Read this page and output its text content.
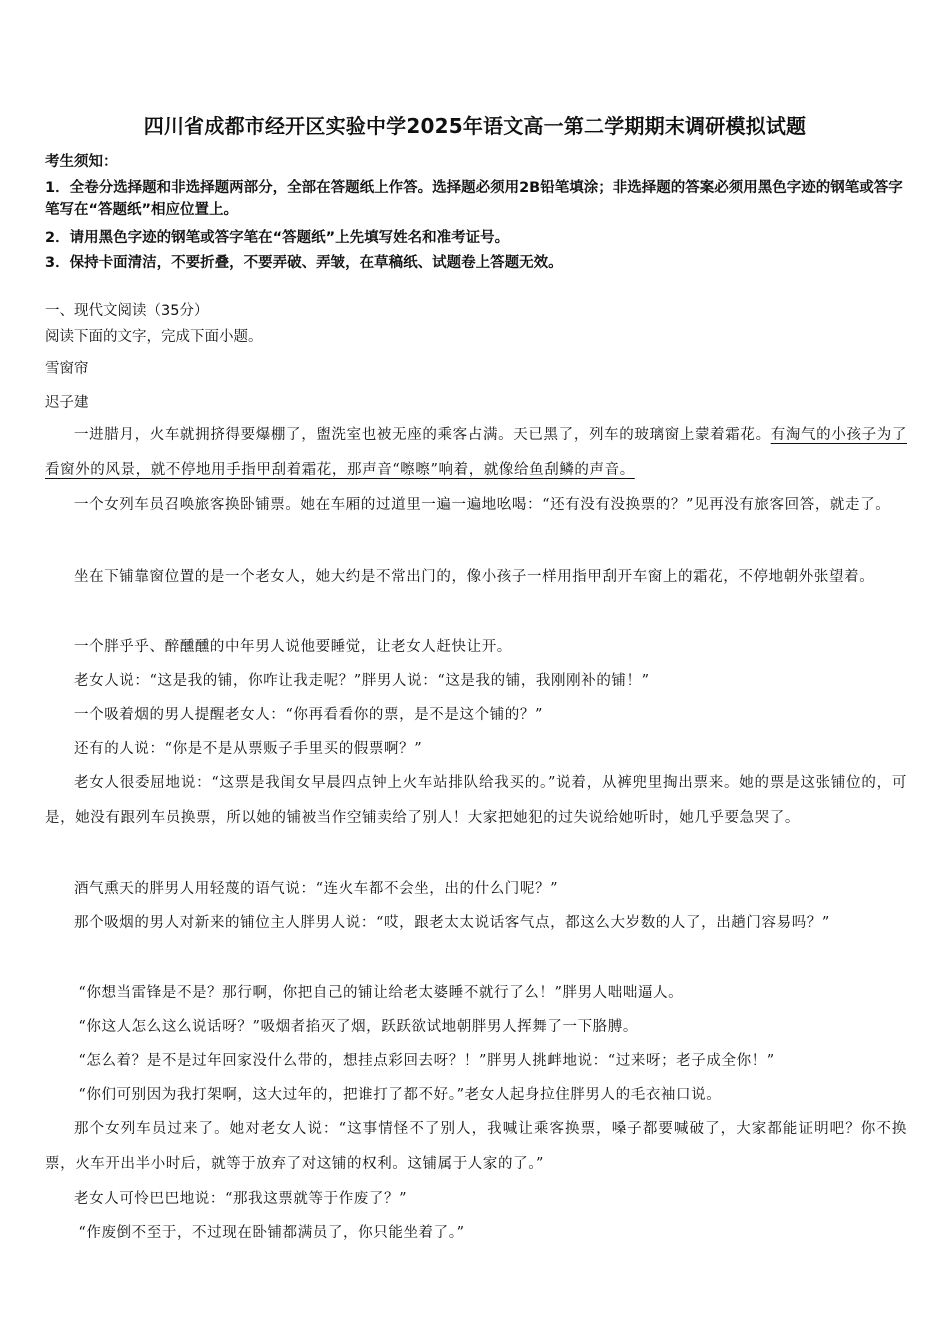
四川省成都市经开区实验中学2025年语文高一第二学期期末调研模拟试题
考生须知：
1．全卷分选择题和非选择题两部分，全部在答题纸上作答。选择题必须用2B铅笔填涂；非选择题的答案必须用黑色字迹的钢笔或答字笔写在“答题纸”相应位置上。
2．请用黑色字迹的钢笔或答字笔在“答题纸”上先填写姓名和准考证号。
3．保持卡面清洁，不要折叠，不要弄破、弄皱，在草稿纸、试题卷上答题无效。
一、现代文阅读（35分）
阅读下面的文字，完成下面小题。
雪窗帘
迟子建
一进腊月，火车就拥挤得要爆棚了，盥洗室也被无座的乘客占满。天已黑了，列车的玻璃窗上蒙着霜花。有淘气的小孩子为了看窗外的风景，就不停地用手指甲刮着霜花，那声音“嚓嚓”响着，就像给鱼刮鳞的声音。
一个女列车员召唤旅客换卧铺票。她在车厢的过道里一遍一遍地吆喝：“还有没有没换票的？”见再没有旅客回答，就走了。
坐在下铺靠窗位置的是一个老女人，她大约是不常出门的，像小孩子一样用指甲刮开车窗上的霜花，不停地朝外张望着。
一个胖乎乎、醉醺醺的中年男人说他要睡觉，让老女人赶快让开。
老女人说：“这是我的铺，你咋让我走呢？”胖男人说：“这是我的铺，我刚刚补的铺！”
一个吸着烟的男人提醒老女人：“你再看看你的票，是不是这个铺的？”
还有的人说：“你是不是从票贩子手里买的假票啊？”
老女人很委屈地说：“这票是我闺女早晨四点钟上火车站排队给我买的。”说着，从裤兜里掏出票来。她的票是这张铺位的，可是，她没有跟列车员换票，所以她的铺被当作空铺卖给了别人！大家把她犯的过失说给她听时，她几乎要急哭了。
酒气熏天的胖男人用轻蔑的语气说：“连火车都不会坐，出的什么门呢？”
那个吸烟的男人对新来的铺位主人胖男人说：“哎，跟老太太说话客气点，都这么大岁数的人了，出趟门容易吗？”
“你想当雷锋是不是？那行啊，你把自己的铺让给老太婆睡不就行了么！”胖男人咄咄逼人。
“你这人怎么这么说话呀？”吸烟者掐灭了烟，跃跃欲试地朝胖男人挥舞了一下胳膊。
“怎么着？是不是过年回家没什么带的，想挂点彩回去呀？！”胖男人挑衅地说：“过来呀；老子成全你！”
“你们可别因为我打架啊，这大过年的，把谁打了都不好。”老女人起身拉住胖男人的毛衣袖口说。
那个女列车员过来了。她对老女人说：“这事情怪不了别人，我喊让乘客换票，嗓子都要喊破了，大家都能证明吧？你不换票，火车开出半小时后，就等于放弃了对这铺的权利。这铺属于人家的了。”
老女人可怜巴巴地说：“那我这票就等于作废了？”
“作废倒不至于，不过现在卧铺都满员了，你只能坐着了。”
